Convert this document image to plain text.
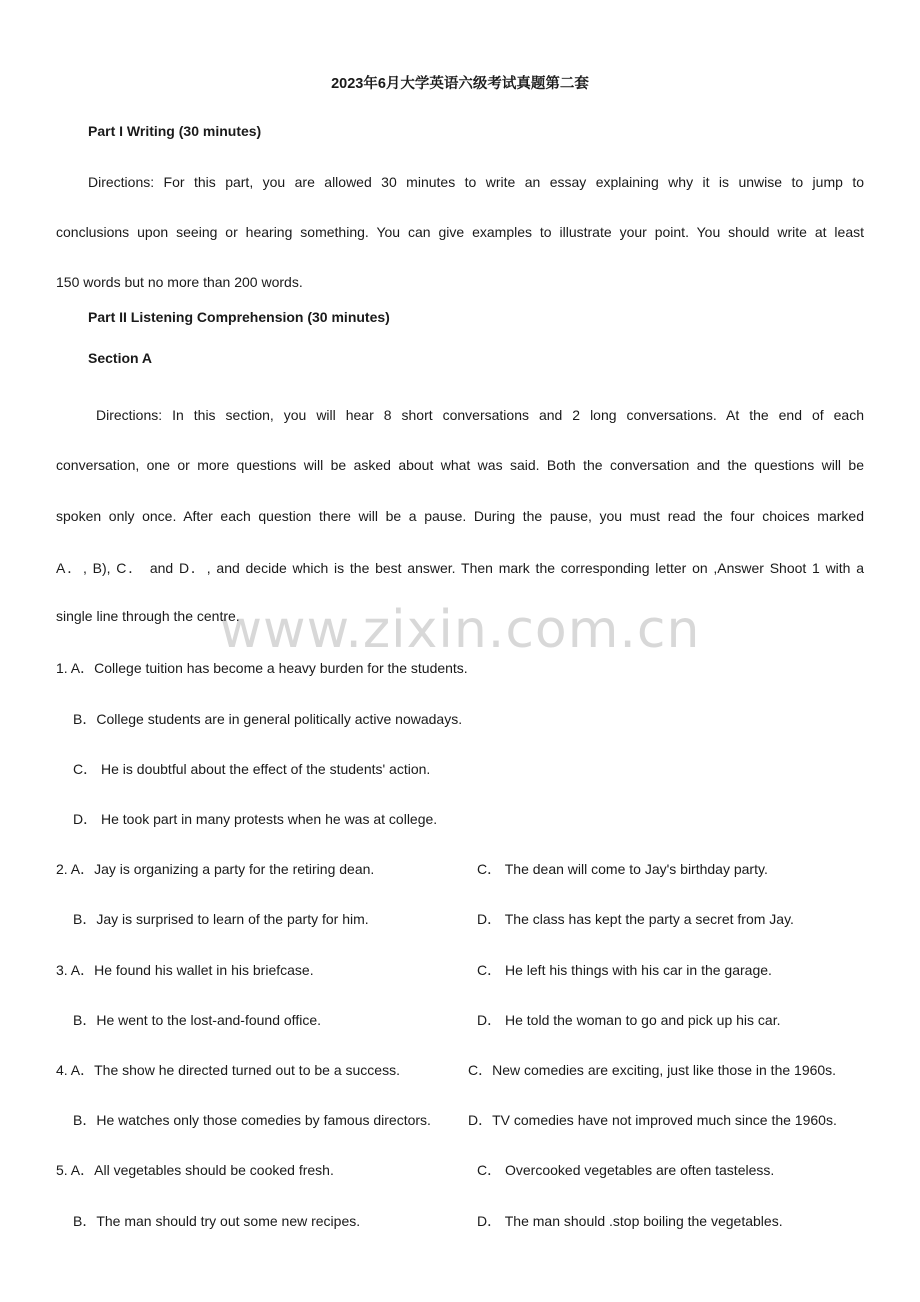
www.zixin.com.cn
2023年6月大学英语六级考试真题第二套
Part I Writing (30 minutes)
Directions: For this part, you are allowed 30 minutes to write an essay explaining why it is unwise to jump to
conclusions upon seeing or hearing something. You can give examples to illustrate your point. You should write at least
150 words but no more than 200 words.
Part II Listening Comprehension (30 minutes)
Section A
Directions: In this section, you will hear 8 short conversations and 2 long conversations. At the end of each
conversation, one or more questions will be asked about what was said. Both the conversation and the questions will be
spoken only once. After each question there will be a pause. During the pause, you must read the four choices marked
A．, B), C． and D．, and decide which is the best answer. Then mark the corresponding letter on ,Answer Shoot 1 with a
single line through the centre.
1. A．College tuition has become a heavy burden for the students.
B．College students are in general politically active nowadays.
C． He is doubtful about the effect of the students' action.
D． He took part in many protests when he was at college.
2. A．Jay is organizing a party for the retiring dean.	C． The dean will come to Jay's birthday party.
B．Jay is surprised to learn of the party for him.	D． The class has kept the party a secret from Jay.
3. A．He found his wallet in his briefcase.	C． He left his things with his car in the garage.
B．He went to the lost-and-found office.	D． He told the woman to go and pick up his car.
4. A．The show he directed turned out to be a success.	C．New comedies are exciting, just like those in the 1960s.
B．He watches only those comedies by famous directors.	D．TV comedies have not improved much since the 1960s.
5. A．All vegetables should be cooked fresh.	C． Overcooked vegetables are often tasteless.
B．The man should try out some new recipes.	D． The man should .stop boiling the vegetables.
